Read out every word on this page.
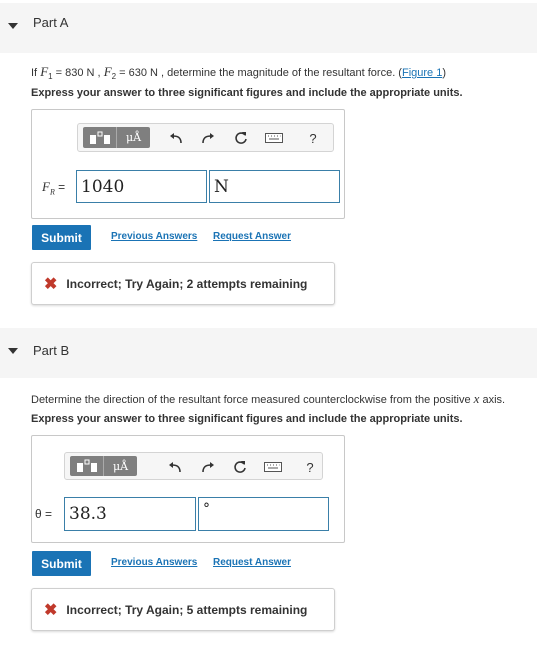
Part A
If $F_1 = 830$ N , $F_2 = 630$ N , determine the magnitude of the resultant force. (Figure 1)
Express your answer to three significant figures and include the appropriate units.
μÅ	?
$F_R = 1040$	N
Submit	Previous Answers Request Answer
✖ Incorrect; Try Again; 2 attempts remaining
Part B
Determine the direction of the resultant force measured counterclockwise from the positive x axis.
Express your answer to three significant figures and include the appropriate units.
μÅ	?
θ = 38.3	°
Submit	Previous Answers Request Answer
✖ Incorrect; Try Again; 5 attempts remaining
